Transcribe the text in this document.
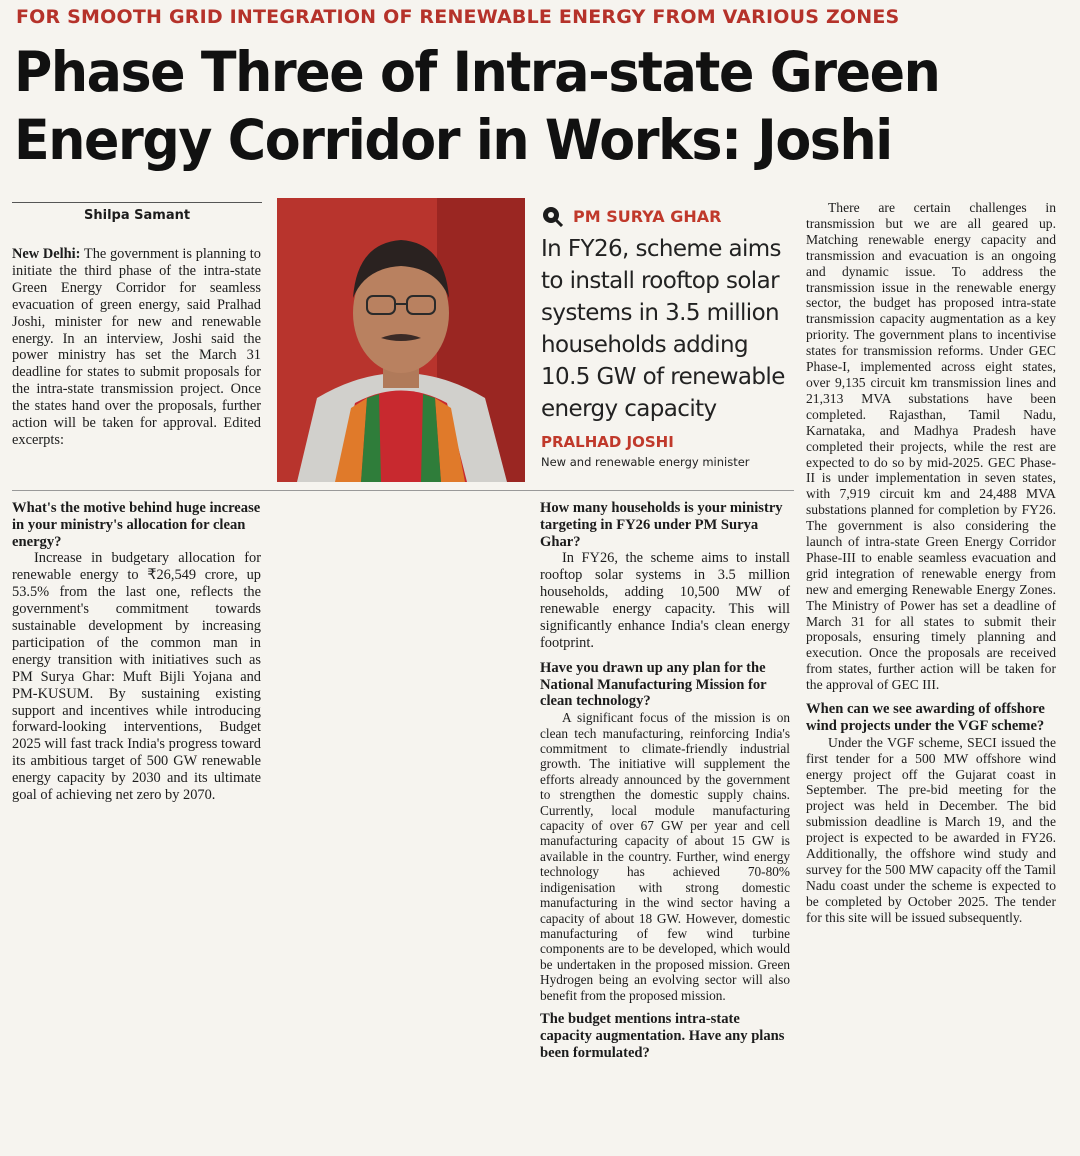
FOR SMOOTH GRID INTEGRATION OF RENEWABLE ENERGY FROM VARIOUS ZONES
Phase Three of Intra-state Green Energy Corridor in Works: Joshi
Shilpa Samant

New Delhi: The government is planning to initiate the third phase of the intra-state Green Energy Corridor for seamless evacuation of green energy, said Pralhad Joshi, minister for new and renewable energy. In an interview, Joshi said the power ministry has set the March 31 deadline for states to submit proposals for the intra-state transmission project. Once the states hand over the proposals, further action will be taken for approval. Edited excerpts:

PM SURYA GHAR
In FY26, scheme aims to install rooftop solar systems in 3.5 million households adding 10.5 GW of renewable energy capacity
PRALHAD JOSHI
New and renewable energy minister

What's the motive behind huge increase in your ministry's allocation for clean energy?

Increase in budgetary allocation for renewable energy to ₹26,549 crore, up 53.5% from the last one, reflects the government's commitment towards sustainable development by increasing participation of the common man in energy transition with initiatives such as PM Surya Ghar: Muft Bijli Yojana and PM-KUSUM. By sustaining existing support and incentives while introducing forward-looking interventions, Budget 2025 will fast track India's progress toward its ambitious target of 500 GW renewable energy capacity by 2030 and its ultimate goal of achieving net zero by 2070.

How many households is your ministry targeting in FY26 under PM Surya Ghar?

In FY26, the scheme aims to install rooftop solar systems in 3.5 million households, adding 10,500 MW of renewable energy capacity. This will significantly enhance India's clean energy footprint.

Have you drawn up any plan for the National Manufacturing Mission for clean technology?

A significant focus of the mission is on clean tech manufacturing, reinforcing India's commitment to climate-friendly industrial growth. The initiative will supplement the efforts already announced by the government to strengthen the domestic supply chains. Currently, local module manufacturing capacity of over 67 GW per year and cell manufacturing capacity of about 15 GW is available in the country. Further, wind energy technology has achieved 70-80% indigenisation with strong domestic manufacturing in the wind sector having a capacity of about 18 GW. However, domestic manufacturing of few wind turbine components are to be developed, which would be undertaken in the proposed mission. Green Hydrogen being an evolving sector will also benefit from the proposed mission.

The budget mentions intra-state capacity augmentation. Have any plans been formulated?

There are certain challenges in transmission but we are all geared up. Matching renewable energy capacity and transmission and evacuation is an ongoing and dynamic issue. To address the transmission issue in the renewable energy sector, the budget has proposed intra-state transmission capacity augmentation as a key priority. The government plans to incentivise states for transmission reforms. Under GEC Phase-I, implemented across eight states, over 9,135 circuit km transmission lines and 21,313 MVA substations have been completed. Rajasthan, Tamil Nadu, Karnataka, and Madhya Pradesh have completed their projects, while the rest are expected to do so by mid-2025. GEC Phase-II is under implementation in seven states, with 7,919 circuit km and 24,488 MVA substations planned for completion by FY26. The government is also considering the launch of intra-state Green Energy Corridor Phase-III to enable seamless evacuation and grid integration of renewable energy from new and emerging Renewable Energy Zones. The Ministry of Power has set a deadline of March 31 for all states to submit their proposals, ensuring timely planning and execution. Once the proposals are received from states, further action will be taken for the approval of GEC III.

When can we see awarding of offshore wind projects under the VGF scheme?

Under the VGF scheme, SECI issued the first tender for a 500 MW offshore wind energy project off the Gujarat coast in September. The pre-bid meeting for the project was held in December. The bid submission deadline is March 19, and the project is expected to be awarded in FY26. Additionally, the offshore wind study and survey for the 500 MW capacity off the Tamil Nadu coast under the scheme is expected to be completed by October 2025. The tender for this site will be issued subsequently.
